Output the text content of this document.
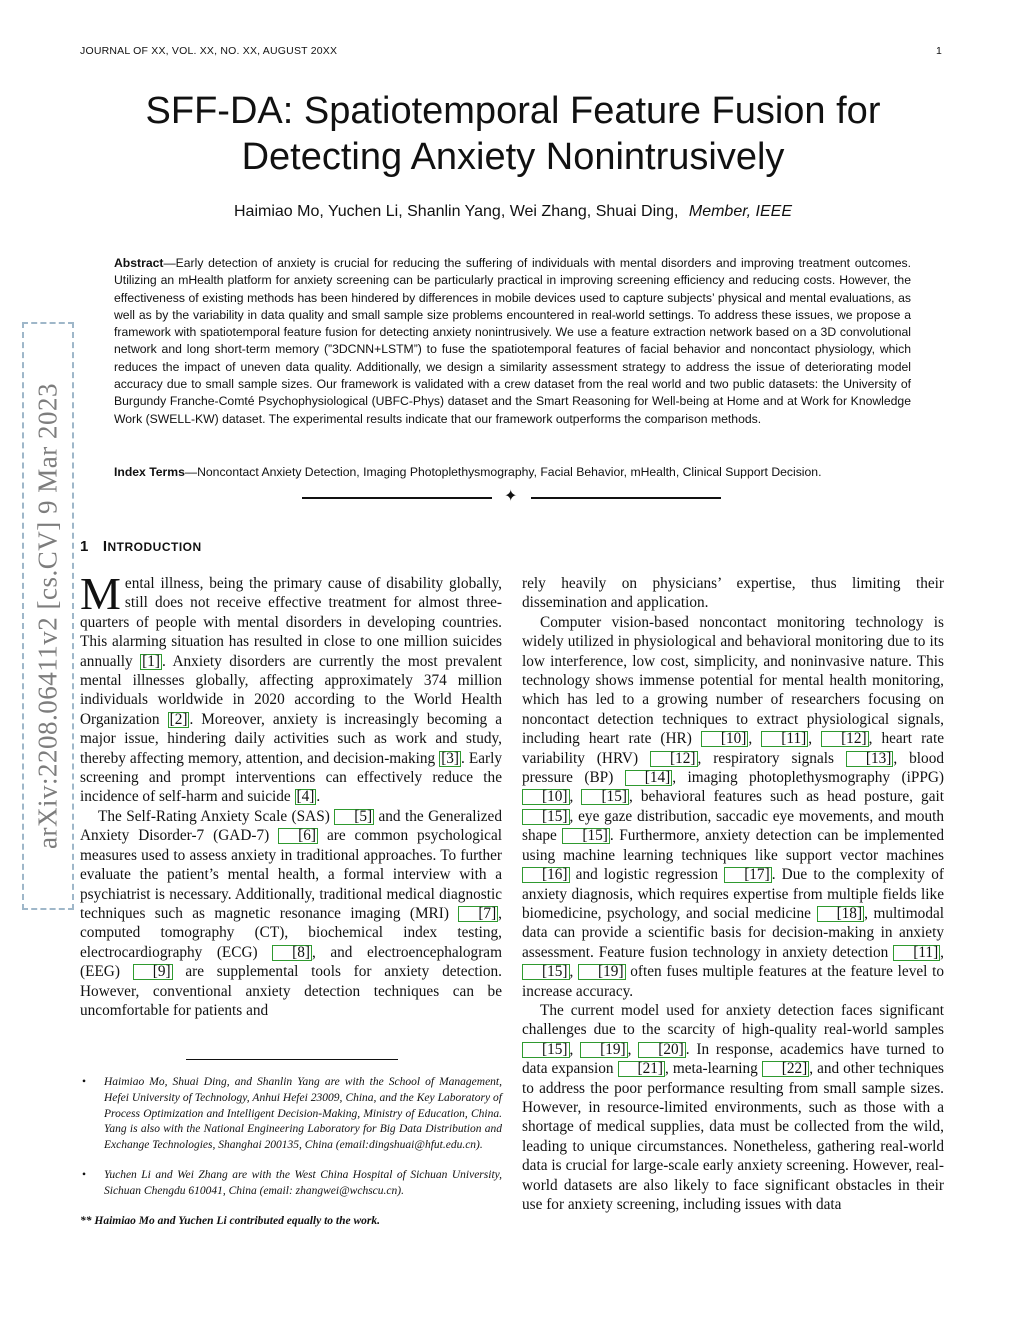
JOURNAL OF XX, VOL. XX, NO. XX, AUGUST 20XX	1
SFF-DA: Spatiotemporal Feature Fusion for
Detecting Anxiety Nonintrusively
Haimiao Mo, Yuchen Li, Shanlin Yang, Wei Zhang, Shuai Ding, Member, IEEE

Abstract—Early detection of anxiety is crucial for reducing the suffering of individuals with mental disorders and improving treatment outcomes. Utilizing an mHealth platform for anxiety screening can be particularly practical in improving screening efficiency and reducing costs. However, the effectiveness of existing methods has been hindered by differences in mobile devices used to capture subjects’ physical and mental evaluations, as well as by the variability in data quality and small sample size problems encountered in real-world settings. To address these issues, we propose a framework with spatiotemporal feature fusion for detecting anxiety nonintrusively. We use a feature extraction network based on a 3D convolutional network and long short-term memory (”3DCNN+LSTM”) to fuse the spatiotemporal features of facial behavior and noncontact physiology, which reduces the impact of uneven data quality. Additionally, we design a similarity assessment strategy to address the issue of deteriorating model accuracy due to small sample sizes. Our framework is validated with a crew dataset from the real world and two public datasets: the University of Burgundy Franche-Comté Psychophysiological (UBFC-Phys) dataset and the Smart Reasoning for Well-being at Home and at Work for Knowledge Work (SWELL-KW) dataset. The experimental results indicate that our framework outperforms the comparison methods.

Index Terms—Noncontact Anxiety Detection, Imaging Photoplethysmography, Facial Behavior, mHealth, Clinical Support Decision.

✦
arXiv:2208.06411v2 [cs.CV] 9 Mar 2023 1 INTRODUCTION

Mental illness, being the primary cause of disability globally, still does not receive effective treatment for almost three-quarters of people with mental disorders in developing countries. This alarming situation has resulted in close to one million suicides annually [1] . Anxiety disorders are currently the most prevalent mental illnesses globally, affecting approximately 374 million individuals worldwide in 2020 according to the World Health Organization [2] . Moreover, anxiety is increasingly becoming a major issue, hindering daily activities such as work and study, thereby affecting memory, attention, and decision-making [3] . Early screening and prompt interventions can effectively reduce the incidence of self-harm and suicide [4] .

The Self-Rating Anxiety Scale (SAS) [5] and the Generalized Anxiety Disorder-7 (GAD-7) [6] are common psychological measures used to assess anxiety in traditional approaches. To further evaluate the patient’s mental health, a formal interview with a psychiatrist is necessary. Additionally, traditional medical diagnostic techniques such as magnetic resonance imaging (MRI) [7] , computed tomography (CT), biochemical index testing, electrocardiography (ECG) [8] , and electroencephalogram (EEG) [9] are supplemental tools for anxiety detection. However, conventional anxiety detection techniques can be uncomfortable for patients and

rely heavily on physicians’ expertise, thus limiting their dissemination and application.

Computer vision-based noncontact monitoring technology is widely utilized in physiological and behavioral monitoring due to its low interference, low cost, simplicity, and noninvasive nature. This technology shows immense potential for mental health monitoring, which has led to a growing number of researchers focusing on noncontact detection techniques to extract physiological signals, including heart rate (HR) [10] , [11] , [12] , heart rate variability (HRV) [12] , respiratory signals [13] , blood pressure (BP) [14] , imaging photoplethysmography (iPPG) [10] , [15] , behavioral features such as head posture, gait [15] , eye gaze distribution, saccadic eye movements, and mouth shape [15] . Furthermore, anxiety detection can be implemented using machine learning techniques like support vector machines [16] and logistic regression [17] . Due to the complexity of anxiety diagnosis, which requires expertise from multiple fields like biomedicine, psychology, and social medicine [18] , multimodal data can provide a scientific basis for decision-making in anxiety assessment. Feature fusion technology in anxiety detection [11] , [15] , [19] often fuses multiple features at the feature level to increase accuracy.

The current model used for anxiety detection faces significant challenges due to the scarcity of high-quality real-world samples [15] , [19] , [20] . In response, academics have turned to data expansion [21] , meta-learning [22] , and other techniques to address the poor performance resulting from small sample sizes. However, in resource-limited environments, such as those with a shortage of medical supplies, data must be collected from the wild, leading to unique circumstances. Nonetheless, gathering real-world data is crucial for large-scale early anxiety screening. However, real-world datasets are also likely to face significant obstacles in their use for anxiety screening, including issues with data

• Haimiao Mo, Shuai Ding, and Shanlin Yang are with the School of Management, Hefei University of Technology, Anhui Hefei 23009, China, and the Key Laboratory of Process Optimization and Intelligent Decision-Making, Ministry of Education, China. Yang is also with the National Engineering Laboratory for Big Data Distribution and Exchange Technologies, Shanghai 200135, China (email:dingshuai@hfut.edu.cn).
• Yuchen Li and Wei Zhang are with the West China Hospital of Sichuan University, Sichuan Chengdu 610041, China (email: zhangwei@wchscu.cn).
** Haimiao Mo and Yuchen Li contributed equally to the work.
